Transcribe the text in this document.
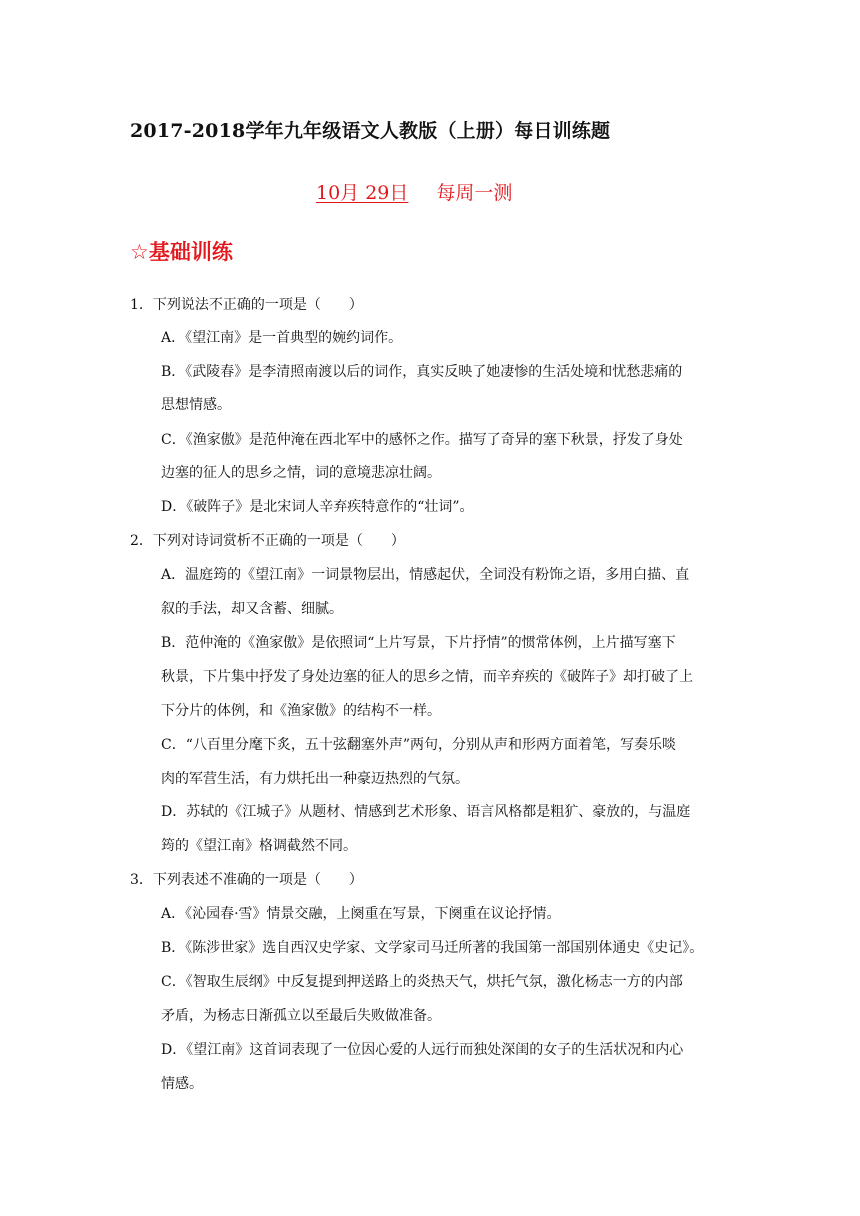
2017-2018学年九年级语文人教版（上册）每日训练题
10月 29日 每周一测
☆基础训练
1．下列说法不正确的一项是（　　）
A．《望江南》是一首典型的婉约词作。
B．《武陵春》是李清照南渡以后的词作，真实反映了她凄惨的生活处境和忧愁悲痛的
思想情感。
C．《渔家傲》是范仲淹在西北军中的感怀之作。描写了奇异的塞下秋景，抒发了身处
边塞的征人的思乡之情，词的意境悲凉壮阔。
D．《破阵子》是北宋词人辛弃疾特意作的“壮词”。
2．下列对诗词赏析不正确的一项是（　　）
A．温庭筠的《望江南》一词景物层出，情感起伏，全词没有粉饰之语，多用白描、直
叙的手法，却又含蓄、细腻。
B．范仲淹的《渔家傲》是依照词“上片写景，下片抒情”的惯常体例，上片描写塞下
秋景，下片集中抒发了身处边塞的征人的思乡之情，而辛弃疾的《破阵子》却打破了上
下分片的体例，和《渔家傲》的结构不一样。
C．“八百里分麾下炙，五十弦翻塞外声”两句，分别从声和形两方面着笔，写奏乐啖
肉的军营生活，有力烘托出一种豪迈热烈的气氛。
D．苏轼的《江城子》从题材、情感到艺术形象、语言风格都是粗犷、豪放的，与温庭
筠的《望江南》格调截然不同。
3．下列表述不准确的一项是（　　）
A．《沁园春·雪》情景交融，上阕重在写景，下阕重在议论抒情。
B．《陈涉世家》选自西汉史学家、文学家司马迁所著的我国第一部国别体通史《史记》。
C．《智取生辰纲》中反复提到押送路上的炎热天气，烘托气氛，激化杨志一方的内部
矛盾，为杨志日渐孤立以至最后失败做准备。
D．《望江南》这首词表现了一位因心爱的人远行而独处深闺的女子的生活状况和内心
情感。
